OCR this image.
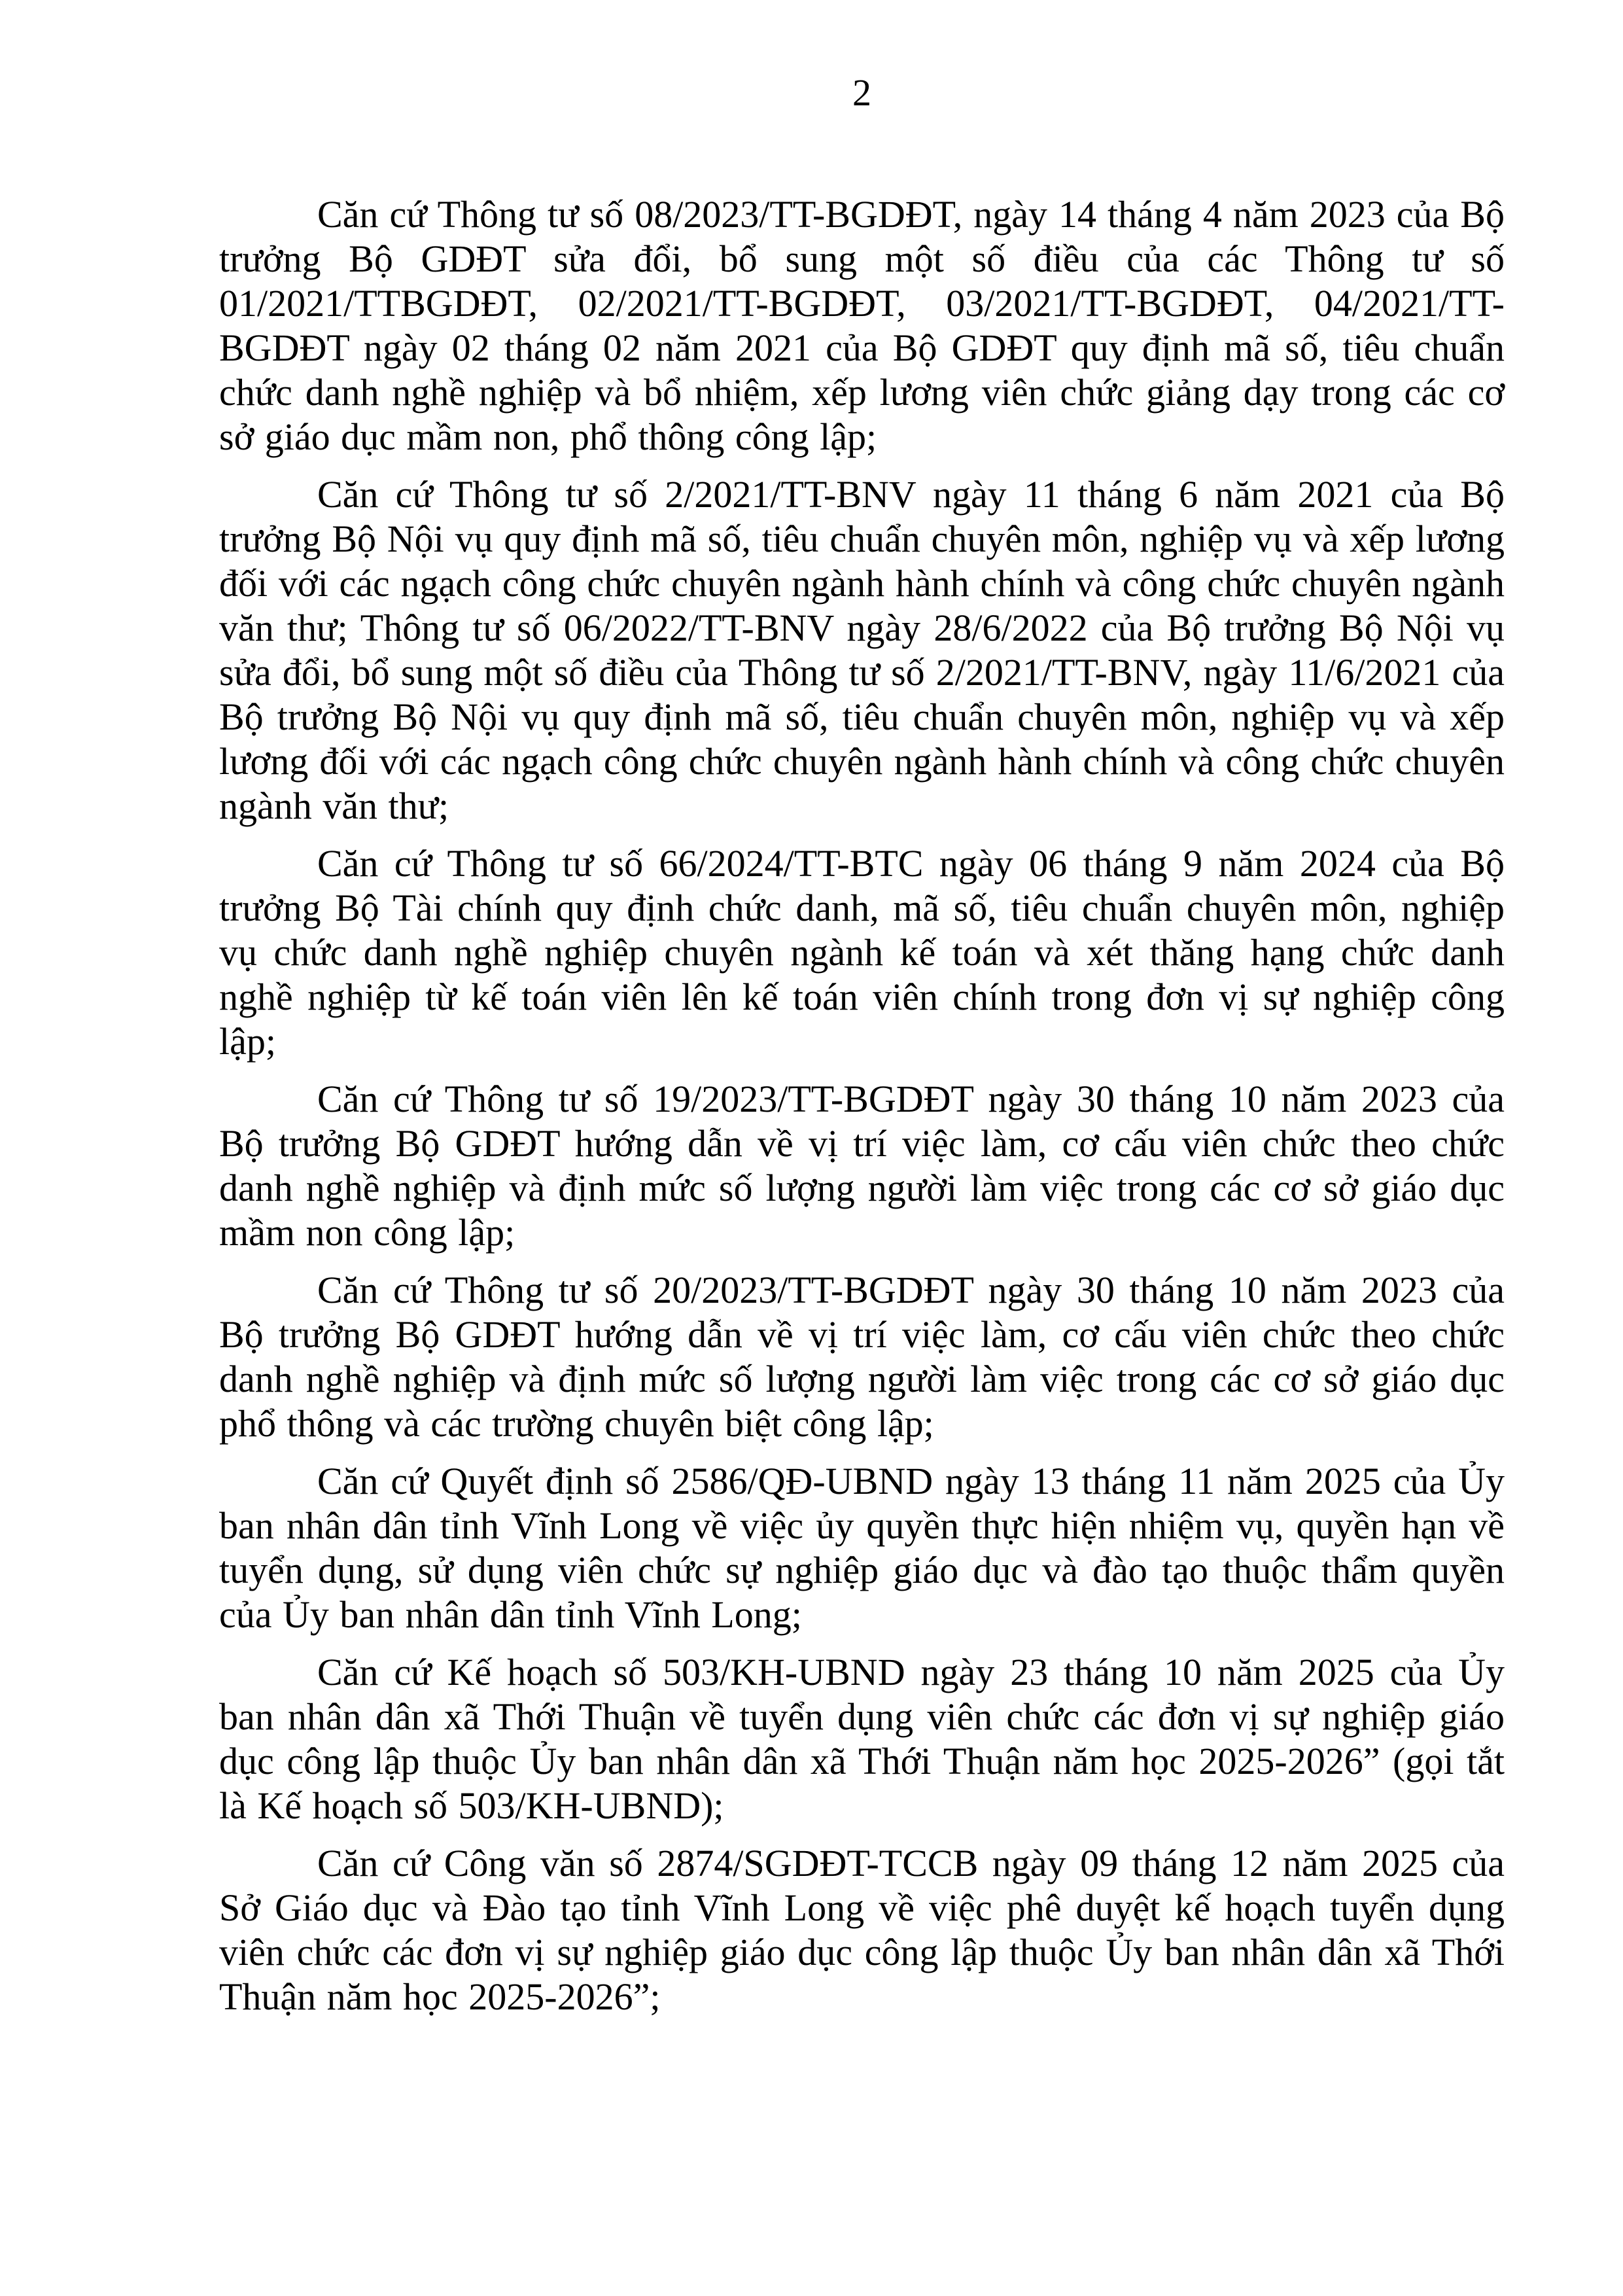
2

Căn cứ Thông tư số 08/2023/TT-BGDĐT, ngày 14 tháng 4 năm 2023 của Bộ trưởng Bộ GDĐT sửa đổi, bổ sung một số điều của các Thông tư số 01/2021/TTBGDĐT, 02/2021/TT-BGDĐT, 03/2021/TT-BGDĐT, 04/2021/TT-BGDĐT ngày 02 tháng 02 năm 2021 của Bộ GDĐT quy định mã số, tiêu chuẩn chức danh nghề nghiệp và bổ nhiệm, xếp lương viên chức giảng dạy trong các cơ sở giáo dục mầm non, phổ thông công lập;

Căn cứ Thông tư số 2/2021/TT-BNV ngày 11 tháng 6 năm 2021 của Bộ trưởng Bộ Nội vụ quy định mã số, tiêu chuẩn chuyên môn, nghiệp vụ và xếp lương đối với các ngạch công chức chuyên ngành hành chính và công chức chuyên ngành văn thư; Thông tư số 06/2022/TT-BNV ngày 28/6/2022 của Bộ trưởng Bộ Nội vụ sửa đổi, bổ sung một số điều của Thông tư số 2/2021/TT-BNV, ngày 11/6/2021 của Bộ trưởng Bộ Nội vụ quy định mã số, tiêu chuẩn chuyên môn, nghiệp vụ và xếp lương đối với các ngạch công chức chuyên ngành hành chính và công chức chuyên ngành văn thư;

Căn cứ Thông tư số 66/2024/TT-BTC ngày 06 tháng 9 năm 2024 của Bộ trưởng Bộ Tài chính quy định chức danh, mã số, tiêu chuẩn chuyên môn, nghiệp vụ chức danh nghề nghiệp chuyên ngành kế toán và xét thăng hạng chức danh nghề nghiệp từ kế toán viên lên kế toán viên chính trong đơn vị sự nghiệp công lập;

Căn cứ Thông tư số 19/2023/TT-BGDĐT ngày 30 tháng 10 năm 2023 của Bộ trưởng Bộ GDĐT hướng dẫn về vị trí việc làm, cơ cấu viên chức theo chức danh nghề nghiệp và định mức số lượng người làm việc trong các cơ sở giáo dục mầm non công lập;

Căn cứ Thông tư số 20/2023/TT-BGDĐT ngày 30 tháng 10 năm 2023 của Bộ trưởng Bộ GDĐT hướng dẫn về vị trí việc làm, cơ cấu viên chức theo chức danh nghề nghiệp và định mức số lượng người làm việc trong các cơ sở giáo dục phổ thông và các trường chuyên biệt công lập;

Căn cứ Quyết định số 2586/QĐ-UBND ngày 13 tháng 11 năm 2025 của Ủy ban nhân dân tỉnh Vĩnh Long về việc ủy quyền thực hiện nhiệm vụ, quyền hạn về tuyển dụng, sử dụng viên chức sự nghiệp giáo dục và đào tạo thuộc thẩm quyền của Ủy ban nhân dân tỉnh Vĩnh Long;

Căn cứ Kế hoạch số 503/KH-UBND ngày 23 tháng 10 năm 2025 của Ủy ban nhân dân xã Thới Thuận về tuyển dụng viên chức các đơn vị sự nghiệp giáo dục công lập thuộc Ủy ban nhân dân xã Thới Thuận năm học 2025-2026” (gọi tắt là Kế hoạch số 503/KH-UBND);

Căn cứ Công văn số 2874/SGDĐT-TCCB ngày 09 tháng 12 năm 2025 của Sở Giáo dục và Đào tạo tỉnh Vĩnh Long về việc phê duyệt kế hoạch tuyển dụng viên chức các đơn vị sự nghiệp giáo dục công lập thuộc Ủy ban nhân dân xã Thới Thuận năm học 2025-2026”;
